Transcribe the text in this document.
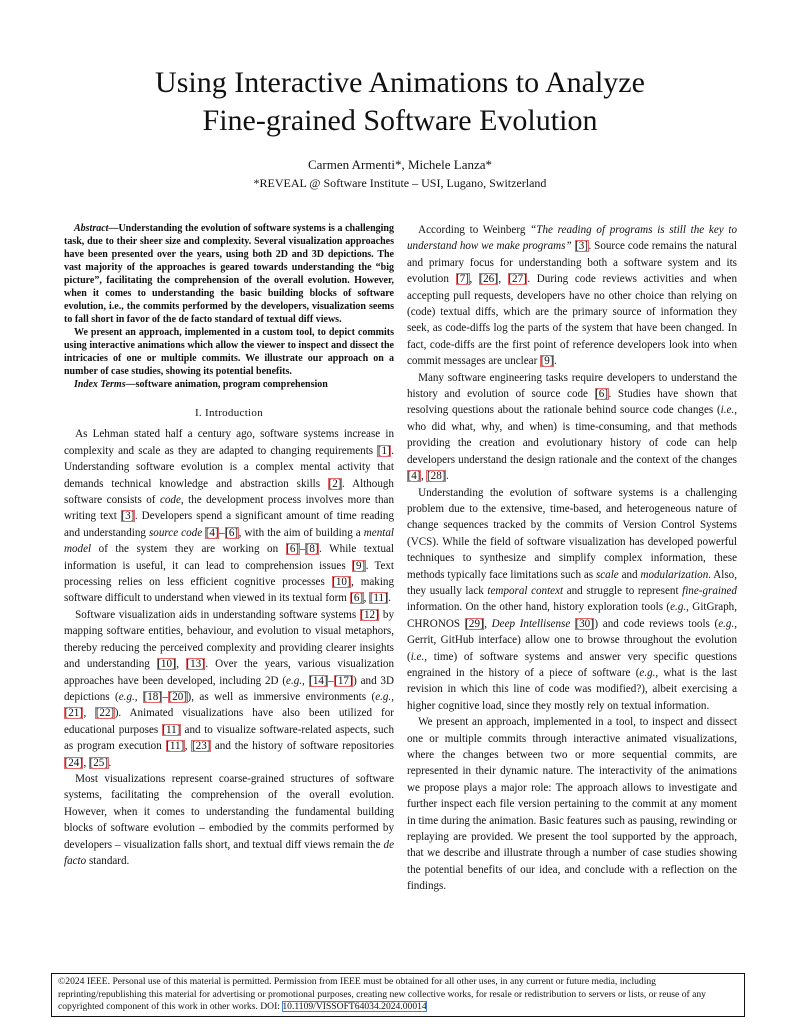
Using Interactive Animations to Analyze
Fine-grained Software Evolution
Carmen Armenti*, Michele Lanza*
*REVEAL @ Software Institute – USI, Lugano, Switzerland

Abstract—Understanding the evolution of software systems is a challenging task, due to their sheer size and complexity. Several visualization approaches have been presented over the years, using both 2D and 3D depictions. The vast majority of the approaches is geared towards understanding the “big picture”, facilitating the comprehension of the overall evolution. However, when it comes to understanding the basic building blocks of software evolution, i.e., the commits performed by the developers, visualization seems to fall short in favor of the de facto standard of textual diff views.

We present an approach, implemented in a custom tool, to depict commits using interactive animations which allow the viewer to inspect and dissect the intricacies of one or multiple commits. We illustrate our approach on a number of case studies, showing its potential benefits.

Index Terms—software animation, program comprehension

I. Introduction

As Lehman stated half a century ago, software systems increase in complexity and scale as they are adapted to changing requirements [1]. Understanding software evolution is a complex mental activity that demands technical knowledge and abstraction skills [2]. Although software consists of code, the development process involves more than writing text [3]. Developers spend a significant amount of time reading and understanding source code [4]–[6], with the aim of building a mental model of the system they are working on [6]–[8]. While textual information is useful, it can lead to comprehension issues [9]. Text processing relies on less efficient cognitive processes [10], making software difficult to understand when viewed in its textual form [6], [11].

Software visualization aids in understanding software systems [12] by mapping software entities, behaviour, and evolution to visual metaphors, thereby reducing the perceived complexity and providing clearer insights and understanding [10], [13]. Over the years, various visualization approaches have been developed, including 2D (e.g., [14]–[17]) and 3D depictions (e.g., [18]–[20]), as well as immersive environments (e.g., [21], [22]). Animated visualizations have also been utilized for educational purposes [11] and to visualize software-related aspects, such as program execution [11], [23] and the history of software repositories [24], [25].

Most visualizations represent coarse-grained structures of software systems, facilitating the comprehension of the overall evolution. However, when it comes to understanding the fundamental building blocks of software evolution – embodied by the commits performed by developers – visualization falls short, and textual diff views remain the de facto standard.

According to Weinberg “The reading of programs is still the key to understand how we make programs” [3]. Source code remains the natural and primary focus for understanding both a software system and its evolution [7], [26], [27]. During code reviews activities and when accepting pull requests, developers have no other choice than relying on (code) textual diffs, which are the primary source of information they seek, as code-diffs log the parts of the system that have been changed. In fact, code-diffs are the first point of reference developers look into when commit messages are unclear [9].

Many software engineering tasks require developers to understand the history and evolution of source code [6]. Studies have shown that resolving questions about the rationale behind source code changes (i.e., who did what, why, and when) is time-consuming, and that methods providing the creation and evolutionary history of code can help developers understand the design rationale and the context of the changes [4], [28].

Understanding the evolution of software systems is a challenging problem due to the extensive, time-based, and heterogeneous nature of change sequences tracked by the commits of Version Control Systems (VCS). While the field of software visualization has developed powerful techniques to synthesize and simplify complex information, these methods typically face limitations such as scale and modularization. Also, they usually lack temporal context and struggle to represent fine-grained information. On the other hand, history exploration tools (e.g., GitGraph, CHRONOS [29], Deep Intellisense [30]) and code reviews tools (e.g., Gerrit, GitHub interface) allow one to browse throughout the evolution (i.e., time) of software systems and answer very specific questions engrained in the history of a piece of software (e.g., what is the last revision in which this line of code was modified?), albeit exercising a higher cognitive load, since they mostly rely on textual information.

We present an approach, implemented in a tool, to inspect and dissect one or multiple commits through interactive animated visualizations, where the changes between two or more sequential commits, are represented in their dynamic nature. The interactivity of the animations we propose plays a major role: The approach allows to investigate and further inspect each file version pertaining to the commit at any moment in time during the animation. Basic features such as pausing, rewinding or replaying are provided. We present the tool supported by the approach, that we describe and illustrate through a number of case studies showing the potential benefits of our idea, and conclude with a reflection on the findings.

©2024 IEEE. Personal use of this material is permitted. Permission from IEEE must be obtained for all other uses, in any current or future media, including reprinting/republishing this material for advertising or promotional purposes, creating new collective works, for resale or redistribution to servers or lists, or reuse of any copyrighted component of this work in other works. DOI: 10.1109/VISSOFT64034.2024.00014
